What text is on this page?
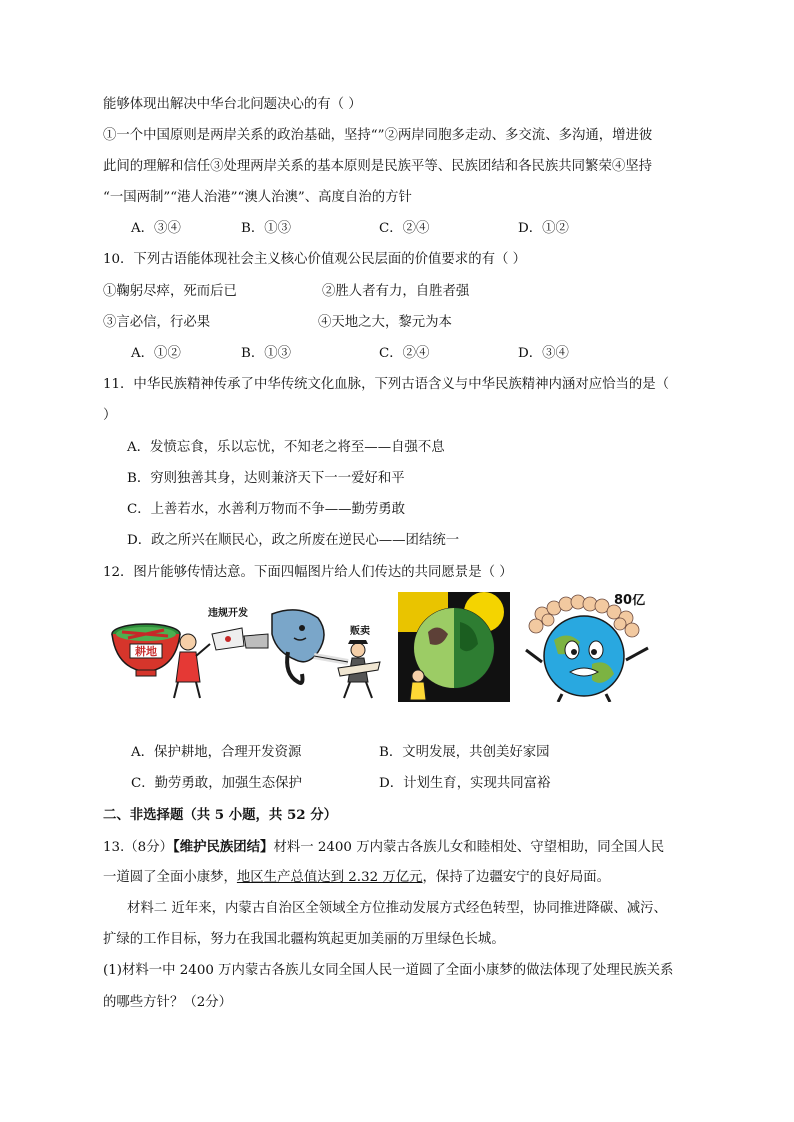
能够体现出解决中华台北问题决心的有（ ）
①一个中国原则是两岸关系的政治基础，坚持“”②两岸同胞多走动、多交流、多沟通，增进彼
此间的理解和信任③处理两岸关系的基本原则是民族平等、民族团结和各民族共同繁荣④坚持
“一国两制”“港人治港”“澳人治澳”、高度自治的方针
A．③④	B．①③	C．②④	D．①②
10．下列古语能体现社会主义核心价值观公民层面的价值要求的有（ ）
①鞠躬尽瘁，死而后已	②胜人者有力，自胜者强
③言必信，行必果	④天地之大，黎元为本
A．①②	B．①③	C．②④	D．③④
11．中华民族精神传承了中华传统文化血脉，下列古语含义与中华民族精神内涵对应恰当的是（
）
A．发愤忘食，乐以忘忧，不知老之将至——自强不息
B．穷则独善其身，达则兼济天下一一爱好和平
C．上善若水，水善利万物而不争——勤劳勇敢
D．政之所兴在顺民心，政之所废在逆民心——团结统一
12．图片能够传情达意。下面四幅图片给人们传达的共同愿景是（ ）
耕地
违规开发
贩卖
80亿
A．保护耕地，合理开发资源	B．文明发展，共创美好家园
C．勤劳勇敢，加强生态保护	D．计划生育，实现共同富裕
二、非选择题（共 5 小题，共 52 分）
13.（8分）【维护民族团结】材料一 2400 万内蒙古各族儿女和睦相处、守望相助，同全国人民
一道圆了全面小康梦，地区生产总值达到 2.32 万亿元，保持了边疆安宁的良好局面。
材料二 近年来，内蒙古自治区全领域全方位推动发展方式经色转型，协同推进降碳、减污、
扩绿的工作目标，努力在我国北疆构筑起更加美丽的万里绿色长城。
(1)材料一中 2400 万内蒙古各族儿女同全国人民一道圆了全面小康梦的做法体现了处理民族关系
的哪些方针？（2分）
